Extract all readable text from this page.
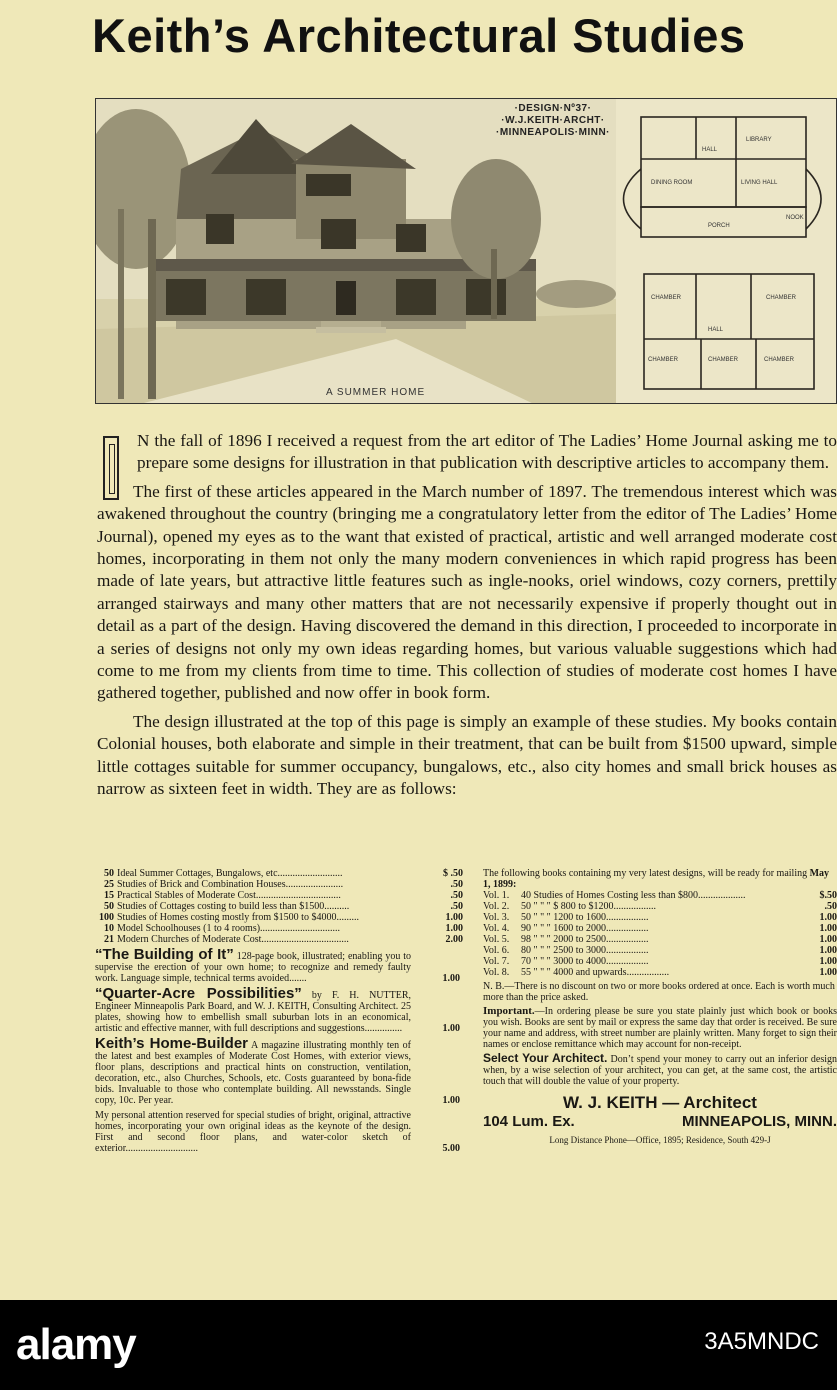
Keith’s Architectural Studies
LIBRARY
HALL
DINING ROOM	LIVING HALL
NOOK
PORCH
CHAMBER	CHAMBER
HALL
CHAMBER	CHAMBER	CHAMBER
·DESIGN·Nº37·
·W.J.KEITH·ARCHT·
·MINNEAPOLIS·MINN·
A SUMMER HOME

N the fall of 1896 I received a request from the art editor of The Ladies’ Home Journal asking me to prepare some designs for illustration in that publication with descriptive articles to accompany them.

The first of these articles appeared in the March number of 1897. The tremendous interest which was awakened throughout the country (bringing me a congratulatory letter from the editor of The Ladies’ Home Journal), opened my eyes as to the want that existed of practical, artistic and well arranged moderate cost homes, incorporating in them not only the many modern conveniences in which rapid progress has been made of late years, but attractive little features such as ingle-nooks, oriel windows, cozy corners, prettily arranged stairways and many other matters that are not necessarily expensive if properly thought out in detail as a part of the design. Having discovered the demand in this direction, I proceeded to incorporate in a series of designs not only my own ideas regarding homes, but various valuable suggestions which had come to me from my clients from time to time. This collection of studies of moderate cost homes I have gathered together, published and now offer in book form.

The design illustrated at the top of this page is simply an example of these studies. My books contain Colonial houses, both elaborate and simple in their treatment, that can be built from $1500 upward, simple little cottages suitable for summer occupancy, bungalows, etc., also city homes and small brick houses as narrow as sixteen feet in width. They are as follows:

50 Ideal Summer Cottages, Bungalows, etc..........................	$ .50
25 Studies of Brick and Combination Houses.......................	.50
15 Practical Stables of Moderate Cost..................................	.50
50 Studies of Cottages costing to build less than $1500..........	.50
100 Studies of Homes costing mostly from $1500 to $4000.........	1.00
10 Model Schoolhouses (1 to 4 rooms)................................	1.00
21 Modern Churches of Moderate Cost...................................	2.00
“The Building of It” 128-page book, illustrated; enabling you to supervise the erection of your own home; to recognize and remedy faulty work. Language simple, technical terms avoided.......	1.00
“Quarter-Acre Possibilities” by F. H. NUTTER, Engineer Minneapolis Park Board, and W. J. KEITH, Consulting Architect. 25 plates, showing how to embellish small suburban lots in an economical, artistic and effective manner, with full descriptions and suggestions...............	1.00
Keith’s Home-Builder A magazine illustrating monthly ten of the latest and best examples of Moderate Cost Homes, with exterior views, floor plans, descriptions and practical hints on construction, ventilation, decoration, etc., also Churches, Schools, etc. Costs guaranteed by bona-fide bids. Invaluable to those who contemplate building. All newsstands. Single copy, 10c. Per year.	1.00
My personal attention reserved for special studies of bright, original, attractive homes, incorporating your own original ideas as the keynote of the design. First and second floor plans, and water-color sketch of exterior.............................	5.00
The following books containing my very latest designs, will be ready for mailing May 1, 1899:
Vol. 1.	40 Studies of Homes Costing less than $800...................	$.50
Vol. 2.	50 " " " $ 800 to $1200.................	.50
Vol. 3.	50 " " " 1200 to 1600.................	1.00
Vol. 4.	90 " " " 1600 to 2000.................	1.00
Vol. 5.	98 " " " 2000 to 2500.................	1.00
Vol. 6.	80 " " " 2500 to 3000.................	1.00
Vol. 7.	70 " " " 3000 to 4000.................	1.00
Vol. 8.	55 " " " 4000 and upwards.................	1.00
N. B.—There is no discount on two or more books ordered at once. Each is worth much more than the price asked.
Important.—In ordering please be sure you state plainly just which book or books you wish. Books are sent by mail or express the same day that order is received. Be sure your name and address, with street number are plainly written. Many forget to sign their names or enclose remittance which may account for non-receipt.
Select Your Architect. Don’t spend your money to carry out an inferior design when, by a wise selection of your architect, you can get, at the same cost, the artistic touch that will double the value of your property.
W. J. KEITH — Architect
104 Lum. Ex.	MINNEAPOLIS, MINN.
Long Distance Phone—Office, 1895; Residence, South 429-J
alamy	3A5MNDC
